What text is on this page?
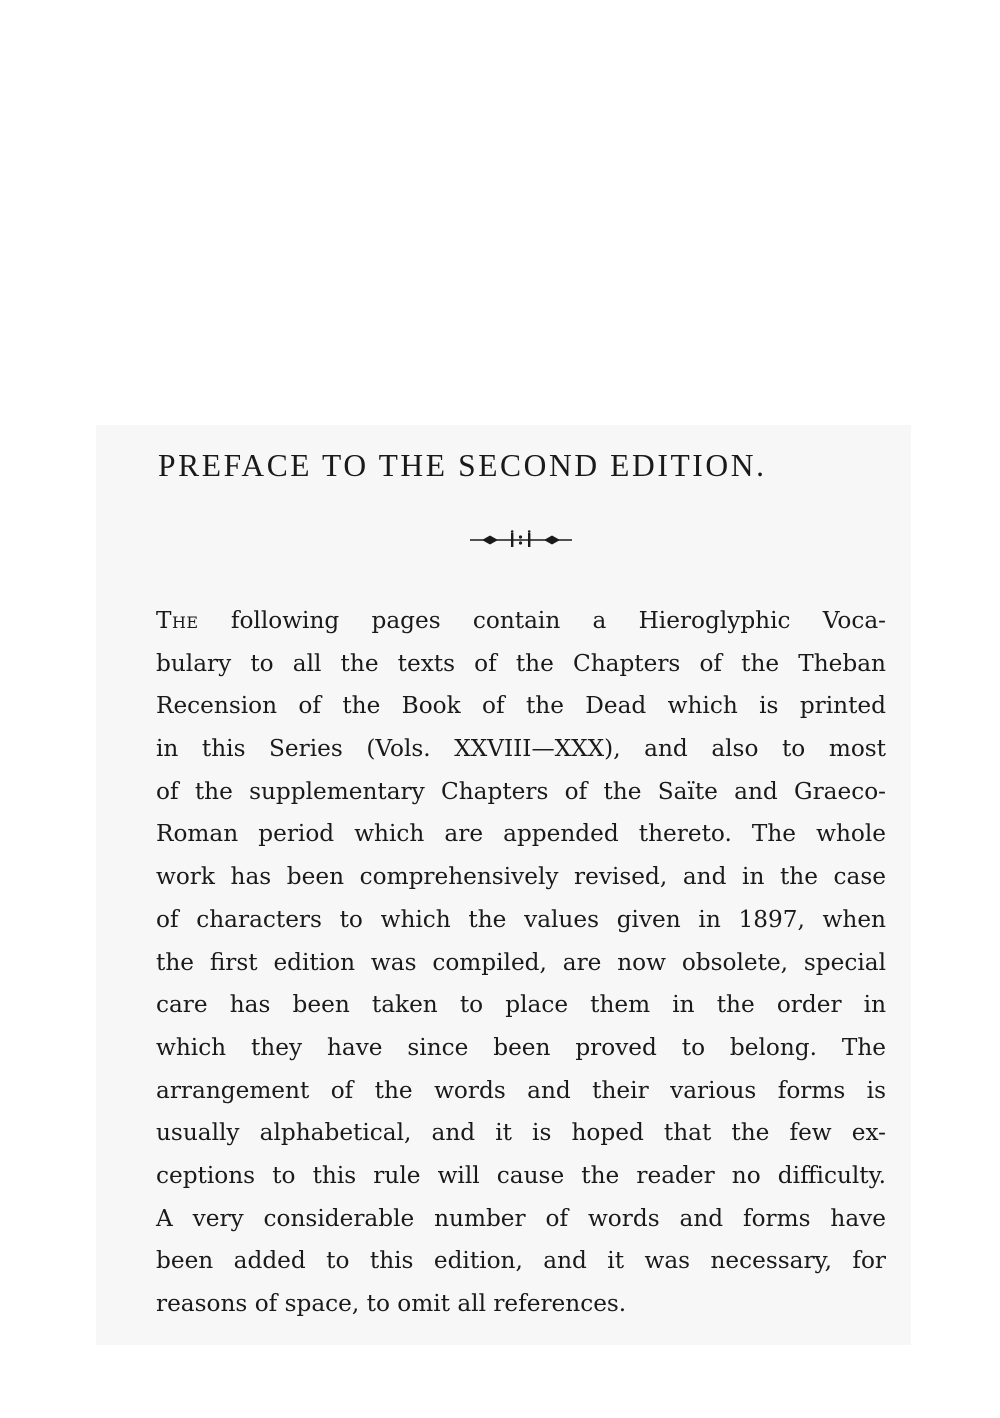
PREFACE TO THE SECOND EDITION.
The following pages contain a Hieroglyphic Voca-
bulary to all the texts of the Chapters of the Theban
Recension of the Book of the Dead which is printed
in this Series (Vols. XXVIII—XXX), and also to most
of the supplementary Chapters of the Saïte and Graeco-
Roman period which are appended thereto. The whole
work has been comprehensively revised, and in the case
of characters to which the values given in 1897, when
the first edition was compiled, are now obsolete, special
care has been taken to place them in the order in
which they have since been proved to belong. The
arrangement of the words and their various forms is
usually alphabetical, and it is hoped that the few ex-
ceptions to this rule will cause the reader no difficulty.
A very considerable number of words and forms have
been added to this edition, and it was necessary, for
reasons of space, to omit all references.
